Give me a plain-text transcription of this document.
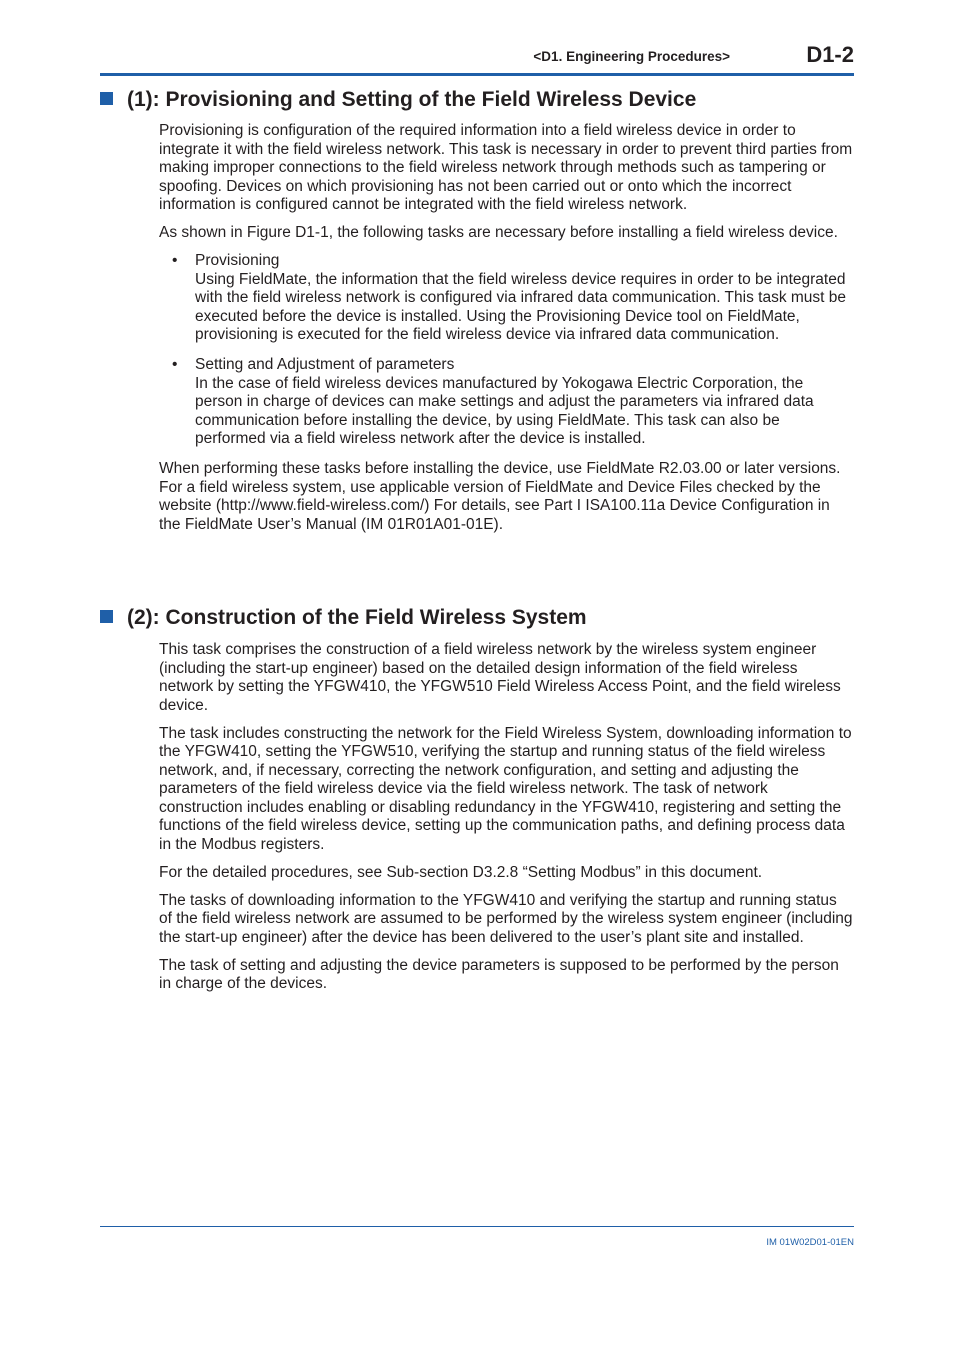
<D1. Engineering Procedures>	D1-2
(1): Provisioning and Setting of the Field Wireless Device

Provisioning is configuration of the required information into a field wireless device in order to integrate it with the field wireless network. This task is necessary in order to prevent third parties from making improper connections to the field wireless network through methods such as tampering or spoofing. Devices on which provisioning has not been carried out or onto which the incorrect information is configured cannot be integrated with the field wireless network.

As shown in Figure D1-1, the following tasks are necessary before installing a field wireless device.

• Provisioning
Using FieldMate, the information that the field wireless device requires in order to be integrated with the field wireless network is configured via infrared data communication. This task must be executed before the device is installed. Using the Provisioning Device tool on FieldMate, provisioning is executed for the field wireless device via infrared data communication.
• Setting and Adjustment of parameters
In the case of field wireless devices manufactured by Yokogawa Electric Corporation, the person in charge of devices can make settings and adjust the parameters via infrared data communication before installing the device, by using FieldMate. This task can also be performed via a field wireless network after the device is installed.

When performing these tasks before installing the device, use FieldMate R2.03.00 or later versions. For a field wireless system, use applicable version of FieldMate and Device Files checked by the website (http://www.field-wireless.com/) For details, see Part I ISA100.11a Device Configuration in the FieldMate User’s Manual (IM 01R01A01-01E).

(2): Construction of the Field Wireless System

This task comprises the construction of a field wireless network by the wireless system engineer (including the start-up engineer) based on the detailed design information of the field wireless network by setting the YFGW410, the YFGW510 Field Wireless Access Point, and the field wireless device.

The task includes constructing the network for the Field Wireless System, downloading information to the YFGW410, setting the YFGW510, verifying the startup and running status of the field wireless network, and, if necessary, correcting the network configuration, and setting and adjusting the parameters of the field wireless device via the field wireless network. The task of network construction includes enabling or disabling redundancy in the YFGW410, registering and setting the functions of the field wireless device, setting up the communication paths, and defining process data in the Modbus registers.

For the detailed procedures, see Sub-section D3.2.8 “Setting Modbus” in this document.

The tasks of downloading information to the YFGW410 and verifying the startup and running status of the field wireless network are assumed to be performed by the wireless system engineer (including the start-up engineer) after the device has been delivered to the user’s plant site and installed.

The task of setting and adjusting the device parameters is supposed to be performed by the person in charge of the devices.

IM 01W02D01-01EN
